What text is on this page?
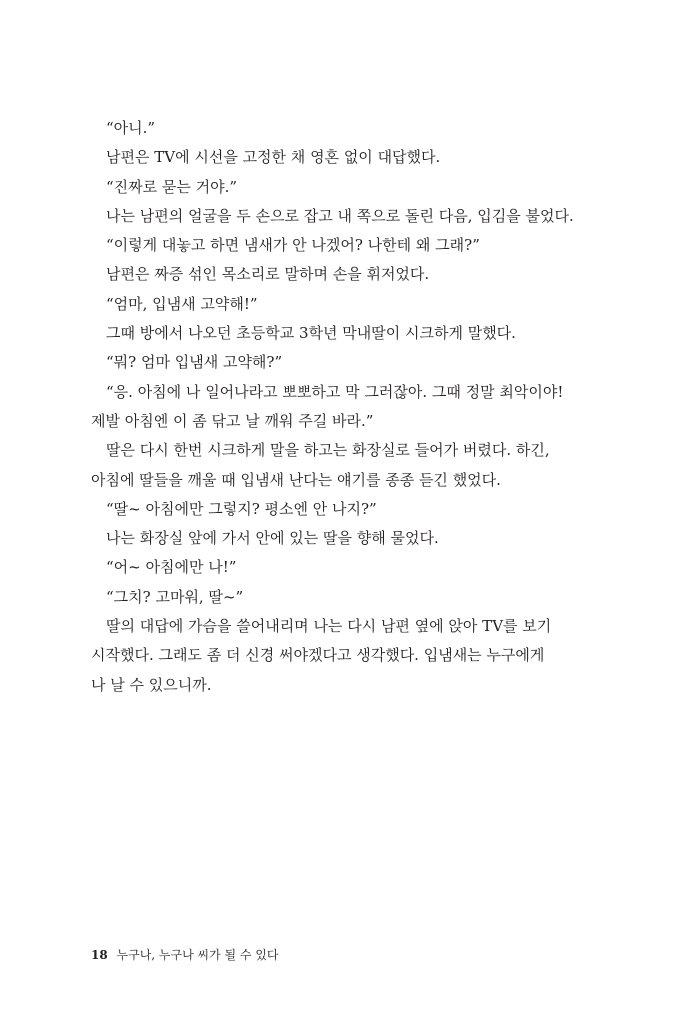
“아니.”
남편은 TV에 시선을 고정한 채 영혼 없이 대답했다.
“진짜로 묻는 거야.”
나는 남편의 얼굴을 두 손으로 잡고 내 쪽으로 돌린 다음, 입김을 불었다.
“이렇게 대놓고 하면 냄새가 안 나겠어? 나한테 왜 그래?”
남편은 짜증 섞인 목소리로 말하며 손을 휘저었다.
“엄마, 입냄새 고약해!”
그때 방에서 나오던 초등학교 3학년 막내딸이 시크하게 말했다.
“뭐? 엄마 입냄새 고약해?”
“응. 아침에 나 일어나라고 뽀뽀하고 막 그러잖아. 그때 정말 최악이야!
제발 아침엔 이 좀 닦고 날 깨워 주길 바라.”
딸은 다시 한번 시크하게 말을 하고는 화장실로 들어가 버렸다. 하긴,
아침에 딸들을 깨울 때 입냄새 난다는 얘기를 종종 듣긴 했었다.
“딸~ 아침에만 그렇지? 평소엔 안 나지?”
나는 화장실 앞에 가서 안에 있는 딸을 향해 물었다.
“어~ 아침에만 나!”
“그치? 고마워, 딸~”
딸의 대답에 가슴을 쓸어내리며 나는 다시 남편 옆에 앉아 TV를 보기
시작했다. 그래도 좀 더 신경 써야겠다고 생각했다. 입냄새는 누구에게
나 날 수 있으니까.
18 누구나, 누구나 씨가 될 수 있다
